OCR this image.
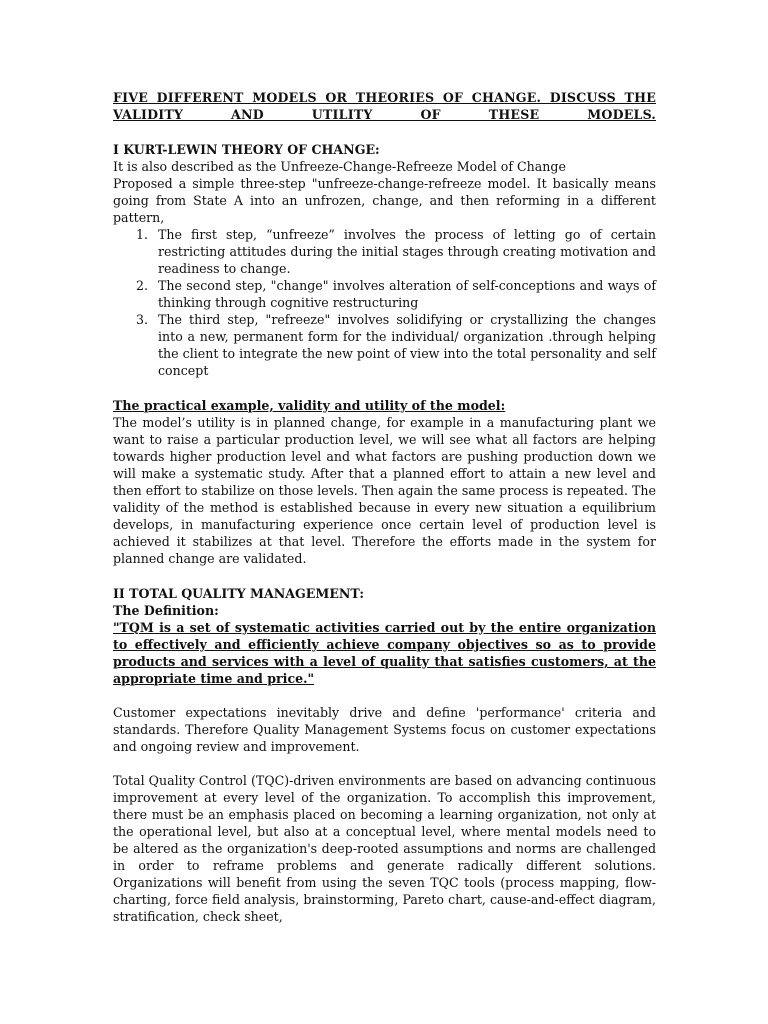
FIVE DIFFERENT MODELS OR THEORIES OF CHANGE. DISCUSS THE
VALIDITY AND UTILITY OF THESE MODELS.

I KURT-LEWIN THEORY OF CHANGE:

It is also described as the Unfreeze-Change-Refreeze Model of Change

Proposed a simple three-step "unfreeze-change-refreeze model. It basically means going from State A into an unfrozen, change, and then reforming in a different pattern,

1. The first step, “unfreeze” involves the process of letting go of certain restricting attitudes during the initial stages through creating motivation and readiness to change.
2. The second step, "change" involves alteration of self-conceptions and ways of thinking through cognitive restructuring
3. The third step, "refreeze" involves solidifying or crystallizing the changes into a new, permanent form for the individual/ organization .through helping the client to integrate the new point of view into the total personality and self concept

The practical example, validity and utility of the model:

The model’s utility is in planned change, for example in a manufacturing plant we want to raise a particular production level, we will see what all factors are helping towards higher production level and what factors are pushing production down we will make a systematic study. After that a planned effort to attain a new level and then effort to stabilize on those levels. Then again the same process is repeated. The validity of the method is established because in every new situation a equilibrium develops, in manufacturing experience once certain level of production level is achieved it stabilizes at that level. Therefore the efforts made in the system for planned change are validated.

II TOTAL QUALITY MANAGEMENT:

The Definition:

"TQM is a set of systematic activities carried out by the entire organization to effectively and efficiently achieve company objectives so as to provide products and services with a level of quality that satisfies customers, at the appropriate time and price."

Customer expectations inevitably drive and define 'performance' criteria and standards. Therefore Quality Management Systems focus on customer expectations and ongoing review and improvement.

Total Quality Control (TQC)-driven environments are based on advancing continuous improvement at every level of the organization. To accomplish this improvement, there must be an emphasis placed on becoming a learning organization, not only at the operational level, but also at a conceptual level, where mental models need to be altered as the organization's deep-rooted assumptions and norms are challenged in order to reframe problems and generate radically different solutions. Organizations will benefit from using the seven TQC tools (process mapping, flow-charting, force field analysis, brainstorming, Pareto chart, cause-and-effect diagram, stratification, check sheet,
